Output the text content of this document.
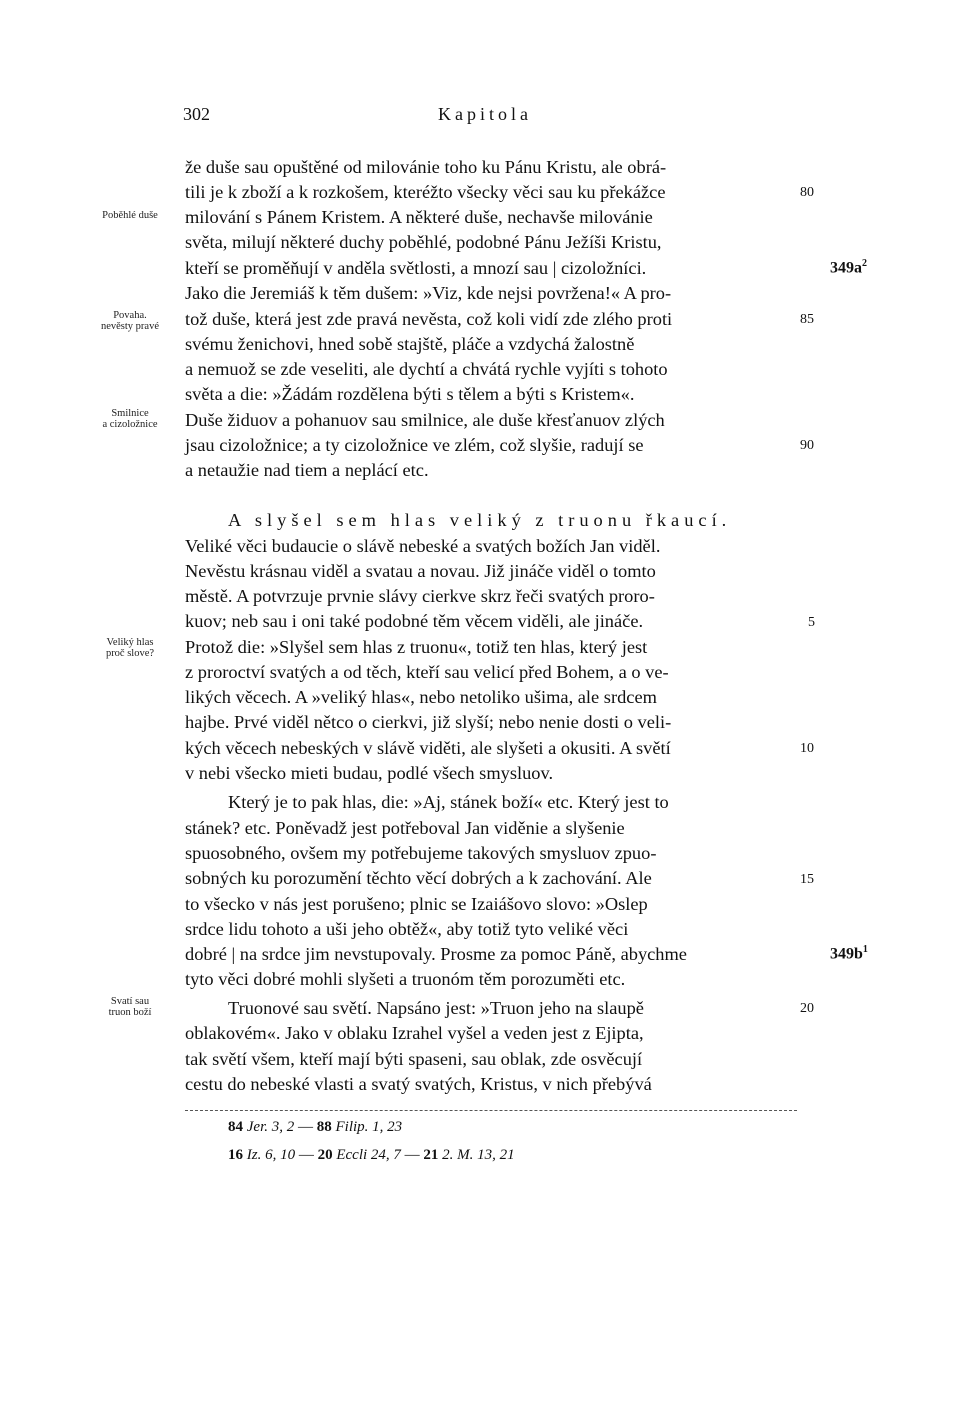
302	Kapitola
Poběhlé duše
Povaha.
nevěsty pravé
Smilnice
a cizoložnice
Veliký hlas
proč slove?
Svatí sau
truon boží
že duše sau opuštěné od milovánie toho ku Pánu Kristu, ale obrá-
tili je k zboží a k rozkošem, kteréžto všecky věci sau ku překážce
milování s Pánem Kristem. A některé duše, nechavše milovánie
světa, milují některé duchy poběhlé, podobné Pánu Ježíši Kristu,
kteří se proměňují v anděla světlosti, a mnozí sau | cizoložníci.
Jako die Jeremiáš k těm dušem: »Viz, kde nejsi povržena!« A pro-
tož duše, která jest zde pravá nevěsta, což koli vidí zde zlého proti
svému ženichovi, hned sobě stajště, pláče a vzdychá žalostně
a nemuož se zde veseliti, ale dychtí a chvátá rychle vyjíti s tohoto
světa a die: »Žádám rozdělena býti s tělem a býti s Kristem«.
Duše židuov a pohanuov sau smilnice, ale duše křesťanuov zlých
jsau cizoložnice; a ty cizoložnice ve zlém, což slyšie, radují se
a netaužie nad tiem a neplácí etc.
A slyšel sem hlas veliký z truonu řkaucí.
Veliké věci budaucie o slávě nebeské a svatých božích Jan viděl.
Nevěstu krásnau viděl a svatau a novau. Již jináče viděl o tomto
městě. A potvrzuje prvnie slávy cierkve skrz řeči svatých proro-
kuov; neb sau i oni také podobné těm věcem viděli, ale jináče.
Protož die: »Slyšel sem hlas z truonu«, totiž ten hlas, který jest
z proroctví svatých a od těch, kteří sau velicí před Bohem, a o ve-
likých věcech. A »veliký hlas«, nebo netoliko ušima, ale srdcem
hajbe. Prvé viděl nětco o cierkvi, již slyší; nebo nenie dosti o veli-
kých věcech nebeských v slávě viděti, ale slyšeti a okusiti. A světí
v nebi všecko mieti budau, podlé všech smysluov.
Který je to pak hlas, die: »Aj, stánek boží« etc. Který jest to
stánek? etc. Poněvadž jest potřeboval Jan viděnie a slyšenie
spuosobného, ovšem my potřebujeme takových smysluov zpuo-
sobných ku porozumění těchto věcí dobrých a k zachování. Ale
to všecko v nás jest porušeno; plnic se Izaiášovo slovo: »Oslep
srdce lidu tohoto a uši jeho obtěž«, aby totiž tyto veliké věci
dobré | na srdce jim nevstupovaly. Prosme za pomoc Páně, abychme
tyto věci dobré mohli slyšeti a truonóm těm porozuměti etc.
Truonové sau světí. Napsáno jest: »Truon jeho na slaupě
oblakovém«. Jako v oblaku Izrahel vyšel a veden jest z Ejipta,
tak světí všem, kteří mají býti spaseni, sau oblak, zde osvěcují
cestu do nebeské vlasti a svatý svatých, Kristus, v nich přebývá
80
85
90
5
10
15
20
$349a^2$
$349b^1$
84 Jer. 3, 2 — 88 Filip. 1, 23
16 Iz. 6, 10 — 20 Eccli 24, 7 — 21 2. M. 13, 21
